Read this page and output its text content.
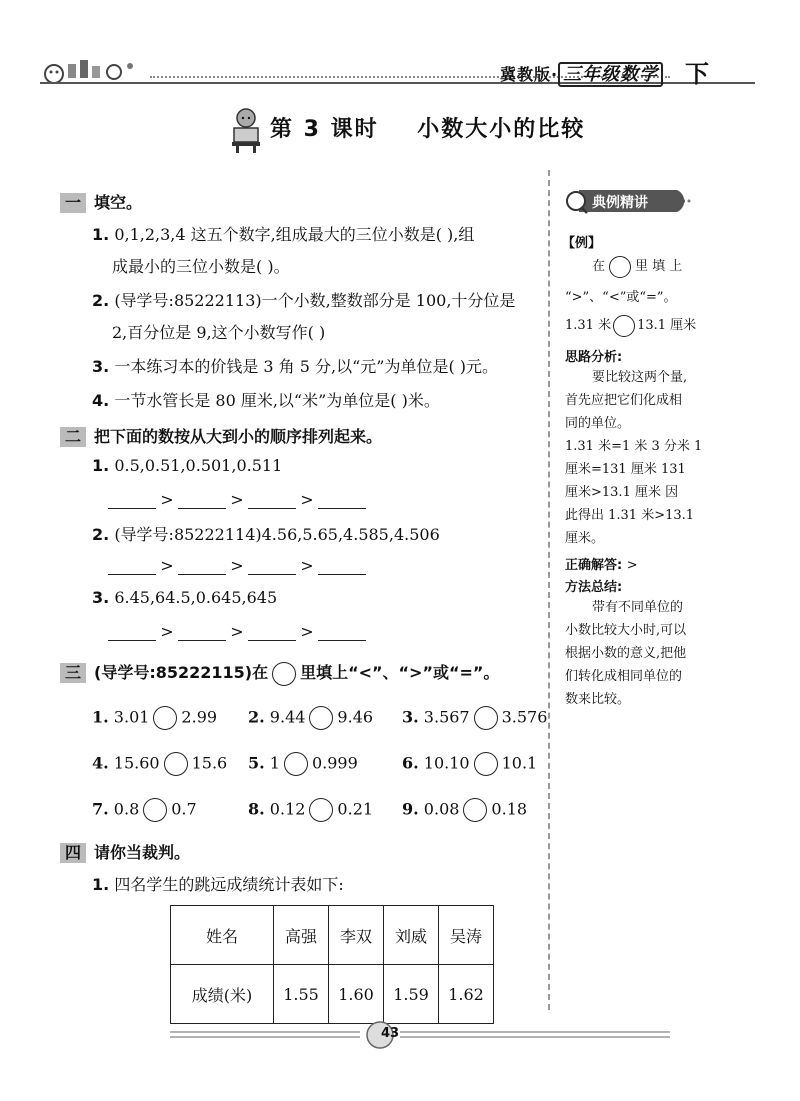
冀教版· 三年级数学 下
第 3 课时    小数大小的比较
一 填空。
1. 0,1,2,3,4 这五个数字,组成最大的三位小数是( ),组
成最小的三位小数是( )。
2. (导学号:85222113)一个小数,整数部分是 100,十分位是
2,百分位是 9,这个小数写作( )
3. 一本练习本的价钱是 3 角 5 分,以“元”为单位是( )元。
4. 一节水管长是 80 厘米,以“米”为单位是( )米。
二 把下面的数按从大到小的顺序排列起来。
1. 0.5,0.51,0.501,0.511
>	>	>
2. (导学号:85222114)4.56,5.65,4.585,4.506
>	>	>
3. 6.45,64.5,0.645,645
>	>	>
三 (导学号:85222115)在 里填上“<”、“>”或“=”。
1. 3.01 2.99 2. 9.44 9.46 3. 3.567 3.576
4. 15.60 15.6 5. 1 0.999	6. 10.10 10.1
7. 0.8 0.7	8. 0.12 0.21 9. 0.08 0.18
四 请你当裁判。
1. 四名学生的跳远成绩统计表如下:
姓名	高强	李双	刘威	吴涛
成绩(米)	1.55	1.60	1.59	1.62
典例精讲
【例】
在 里 填 上
“>”、“<”或“=”。
1.31 米 13.1 厘米
思路分析:
要比较这两个量,
首先应把它们化成相
同的单位。
1.31 米=1 米 3 分米 1
厘米=131 厘米 131
厘米>13.1 厘米 因
此得出 1.31 米>13.1
厘米。
正确解答: >
方法总结:
带有不同单位的
小数比较大小时,可以
根据小数的意义,把他
们转化成相同单位的
数来比较。
43
